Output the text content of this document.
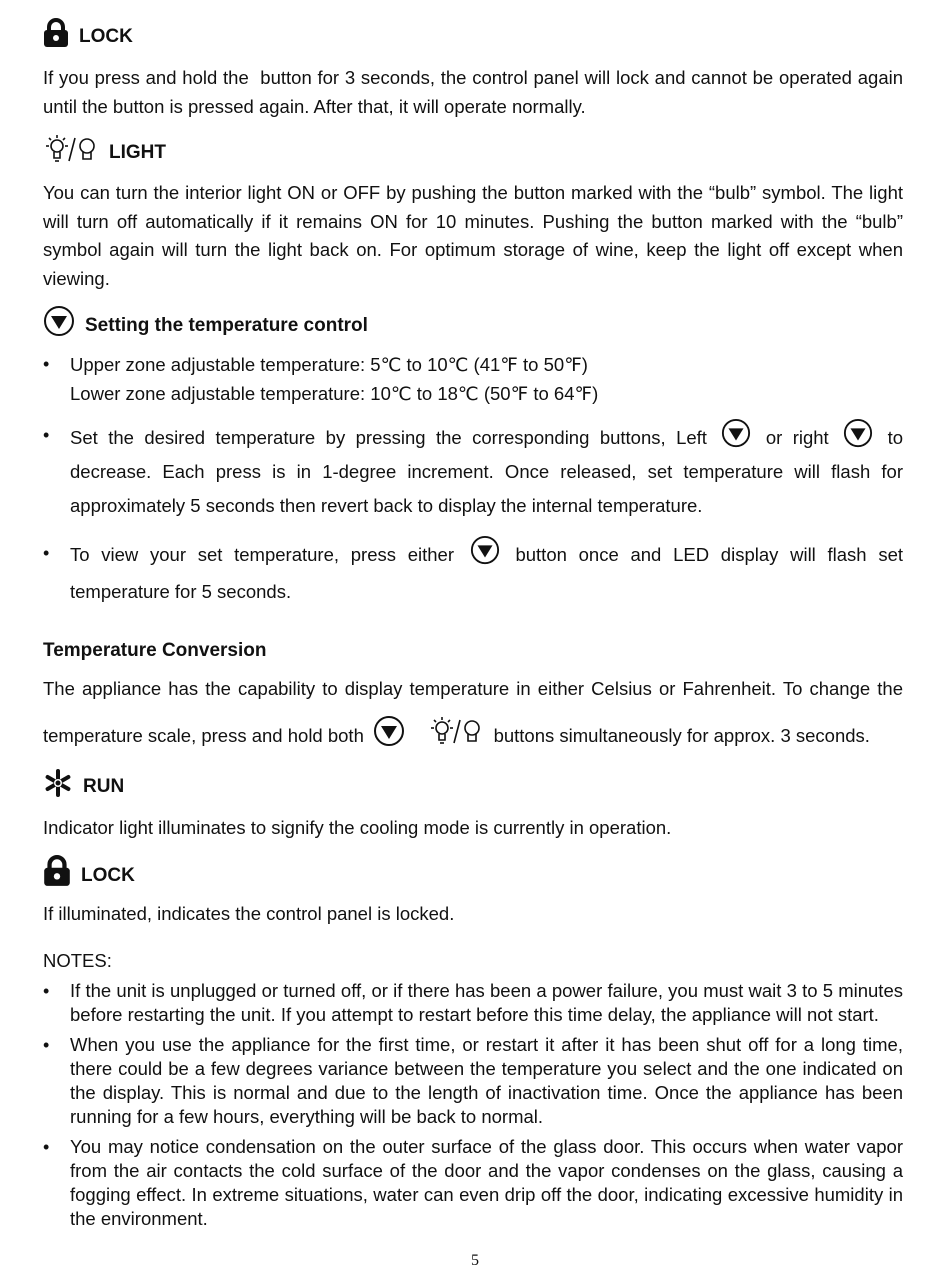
LOCK

If you press and hold the button for 3 seconds, the control panel will lock and cannot be operated again until the button is pressed again. After that, it will operate normally.

LIGHT

You can turn the interior light ON or OFF by pushing the button marked with the “bulb” symbol. The light will turn off automatically if it remains ON for 10 minutes. Pushing the button marked with the “bulb” symbol again will turn the light back on. For optimum storage of wine, keep the light off except when viewing.

Setting the temperature control
• Upper zone adjustable temperature: 5℃ to 10℃ (41℉ to 50℉)
Lower zone adjustable temperature: 10℃ to 18℃ (50℉ to 64℉)
• Set the desired temperature by pressing the corresponding buttons, Left	or right	to decrease. Each press is in 1-degree increment. Once released, set temperature will flash for approximately 5 seconds then revert back to display the internal temperature.
• To view your set temperature, press either	button once and LED display will flash set temperature for 5 seconds.
Temperature Conversion

The appliance has the capability to display temperature in either Celsius or Fahrenheit. To change the temperature scale, press and hold both	buttons simultaneously for approx. 3 seconds.

RUN

Indicator light illuminates to signify the cooling mode is currently in operation.

LOCK

If illuminated, indicates the control panel is locked.

NOTES:

• If the unit is unplugged or turned off, or if there has been a power failure, you must wait 3 to 5 minutes before restarting the unit. If you attempt to restart before this time delay, the appliance will not start.
• When you use the appliance for the first time, or restart it after it has been shut off for a long time, there could be a few degrees variance between the temperature you select and the one indicated on the display. This is normal and due to the length of inactivation time. Once the appliance has been running for a few hours, everything will be back to normal.
• You may notice condensation on the outer surface of the glass door. This occurs when water vapor from the air contacts the cold surface of the door and the vapor condenses on the glass, causing a fogging effect. In extreme situations, water can even drip off the door, indicating excessive humidity in the environment.
5
